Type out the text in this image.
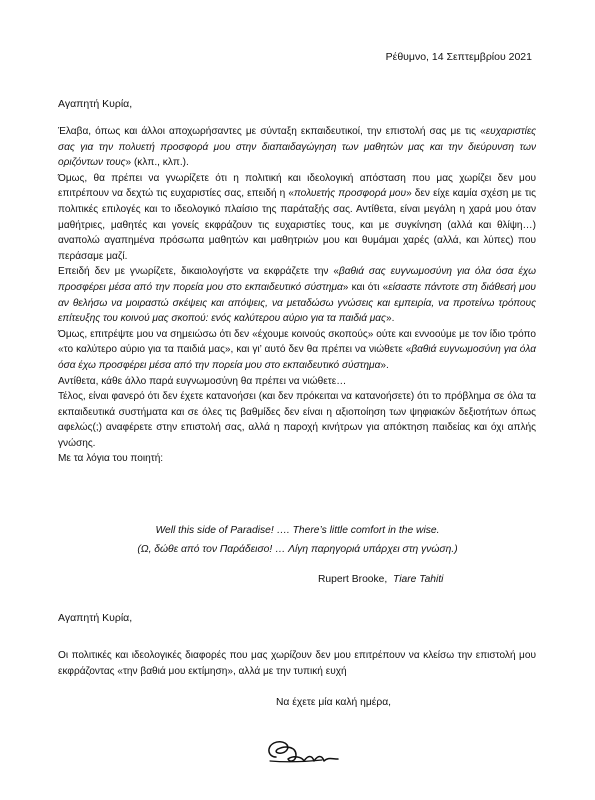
Ρέθυμνο, 14 Σεπτεμβρίου 2021
Αγαπητή Κυρία,

Έλαβα, όπως και άλλοι αποχωρήσαντες με σύνταξη εκπαιδευτικοί, την επιστολή σας με τις «ευχαριστίες σας για την πολυετή προσφορά μου στην διαπαιδαγώγηση των μαθητών μας και την διεύρυνση των οριζόντων τους» (κλπ., κλπ.).

Όμως, θα πρέπει να γνωρίζετε ότι η πολιτική και ιδεολογική απόσταση που μας χωρίζει δεν μου επιτρέπουν να δεχτώ τις ευχαριστίες σας, επειδή η «πολυετής προσφορά μου» δεν είχε καμία σχέση με τις πολιτικές επιλογές και το ιδεολογικό πλαίσιο της παράταξής σας. Αντίθετα, είναι μεγάλη η χαρά μου όταν μαθήτριες, μαθητές και γονείς εκφράζουν τις ευχαριστίες τους, και με συγκίνηση (αλλά και θλίψη…) αναπολώ αγαπημένα πρόσωπα μαθητών και μαθητριών μου και θυμάμαι χαρές (αλλά, και λύπες) που περάσαμε μαζί.

Επειδή δεν με γνωρίζετε, δικαιολογήστε να εκφράζετε την «βαθιά σας ευγνωμοσύνη για όλα όσα έχω προσφέρει μέσα από την πορεία μου στο εκπαιδευτικό σύστημα» και ότι «είσαστε πάντοτε στη διάθεσή μου αν θελήσω να μοιραστώ σκέψεις και απόψεις, να μεταδώσω γνώσεις και εμπειρία, να προτείνω τρόπους επίτευξης του κοινού μας σκοπού: ενός καλύτερου αύριο για τα παιδιά μας».

Όμως, επιτρέψτε μου να σημειώσω ότι δεν «έχουμε κοινούς σκοπούς» ούτε και εννοούμε με τον ίδιο τρόπο «το καλύτερο αύριο για τα παιδιά μας», και γι’ αυτό δεν θα πρέπει να νιώθετε «βαθιά ευγνωμοσύνη για όλα όσα έχω προσφέρει μέσα από την πορεία μου στο εκπαιδευτικό σύστημα».

Αντίθετα, κάθε άλλο παρά ευγνωμοσύνη θα πρέπει να νιώθετε…

Τέλος, είναι φανερό ότι δεν έχετε κατανοήσει (και δεν πρόκειται να κατανοήσετε) ότι το πρόβλημα σε όλα τα εκπαιδευτικά συστήματα και σε όλες τις βαθμίδες δεν είναι η αξιοποίηση των ψηφιακών δεξιοτήτων όπως αφελώς(;) αναφέρετε στην επιστολή σας, αλλά η παροχή κινήτρων για απόκτηση παιδείας και όχι απλής γνώσης.

Με τα λόγια του ποιητή:

Well this side of Paradise! …. There’s little comfort in the wise.
(Ω, δώθε από τον Παράδεισο! … Λίγη παρηγοριά υπάρχει στη γνώση.)
Rupert Brooke, Tiare Tahiti
Αγαπητή Κυρία,

Οι πολιτικές και ιδεολογικές διαφορές που μας χωρίζουν δεν μου επιτρέπουν να κλείσω την επιστολή μου εκφράζοντας «την βαθιά μου εκτίμηση», αλλά με την τυπική ευχή

Να έχετε μία καλή ημέρα,
